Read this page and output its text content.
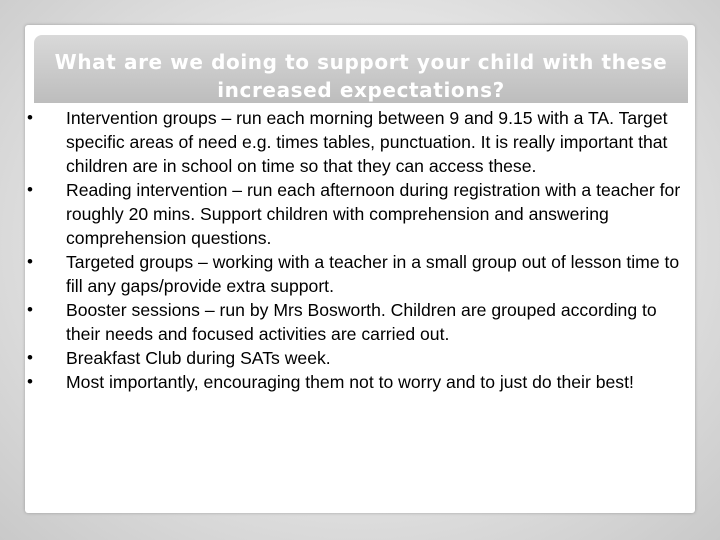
What are we doing to support your child with these increased expectations?
• Intervention groups – run each morning between 9 and 9.15 with a TA. Target specific areas of need e.g. times tables, punctuation. It is really important that children are in school on time so that they can access these.
• Reading intervention – run each afternoon during registration with a teacher for roughly 20 mins. Support children with comprehension and answering comprehension questions.
• Targeted groups – working with a teacher in a small group out of lesson time to fill any gaps/provide extra support.
• Booster sessions – run by Mrs Bosworth. Children are grouped according to their needs and focused activities are carried out.
• Breakfast Club during SATs week.
• Most importantly, encouraging them not to worry and to just do their best!
